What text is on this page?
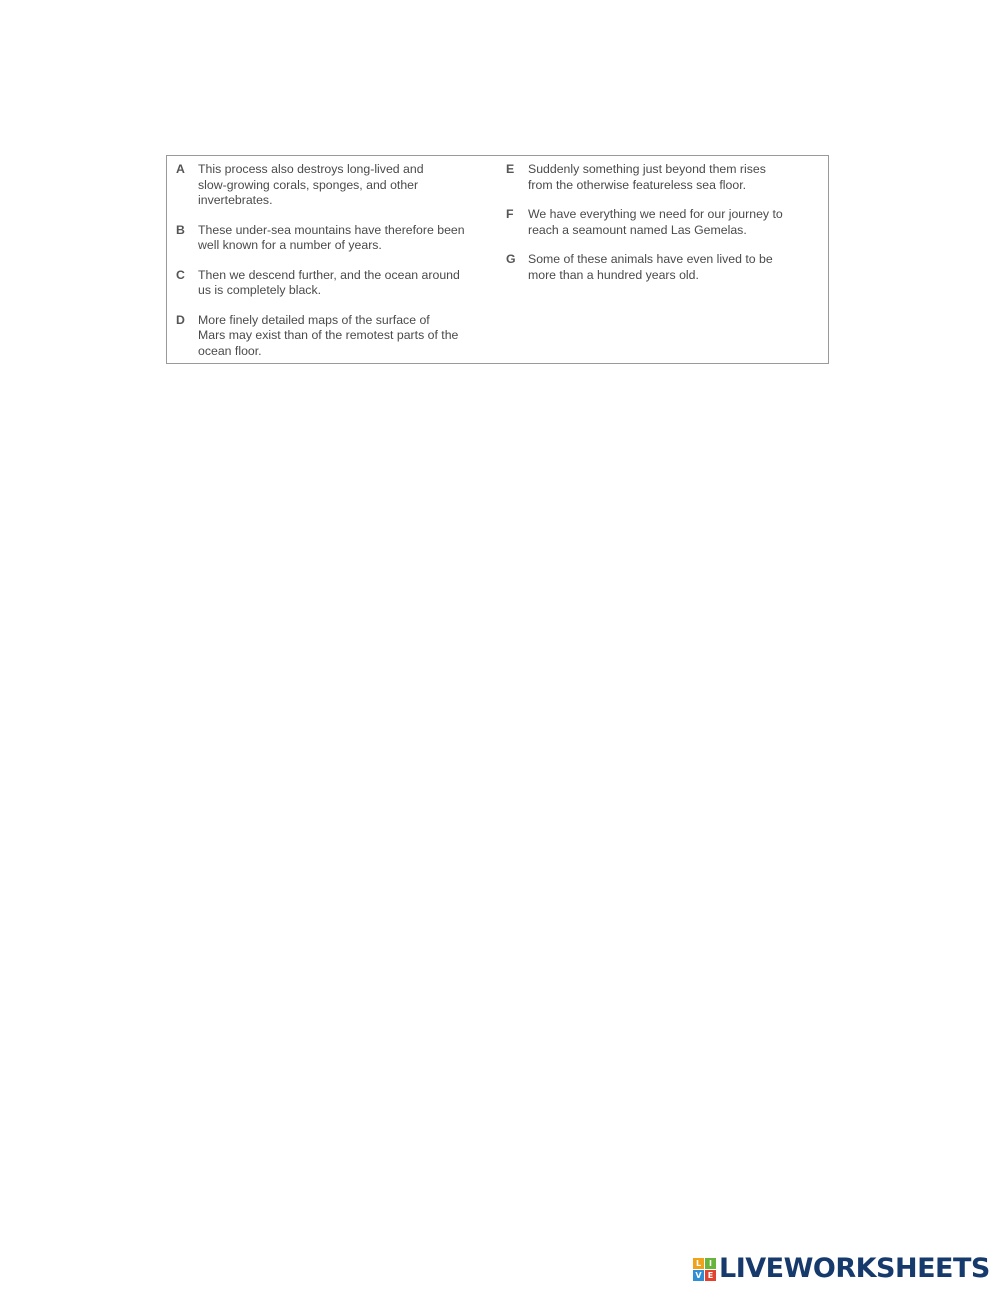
A This process also destroys long-lived and
slow-growing corals, sponges, and other
invertebrates.
B These under-sea mountains have therefore been
well known for a number of years.
C Then we descend further, and the ocean around
us is completely black.
D More finely detailed maps of the surface of
Mars may exist than of the remotest parts of the
ocean floor.
E Suddenly something just beyond them rises
from the otherwise featureless sea floor.
F We have everything we need for our journey to
reach a seamount named Las Gemelas.
G Some of these animals have even lived to be
more than a hundred years old.
L I
V E LIVEWORKSHEETS
